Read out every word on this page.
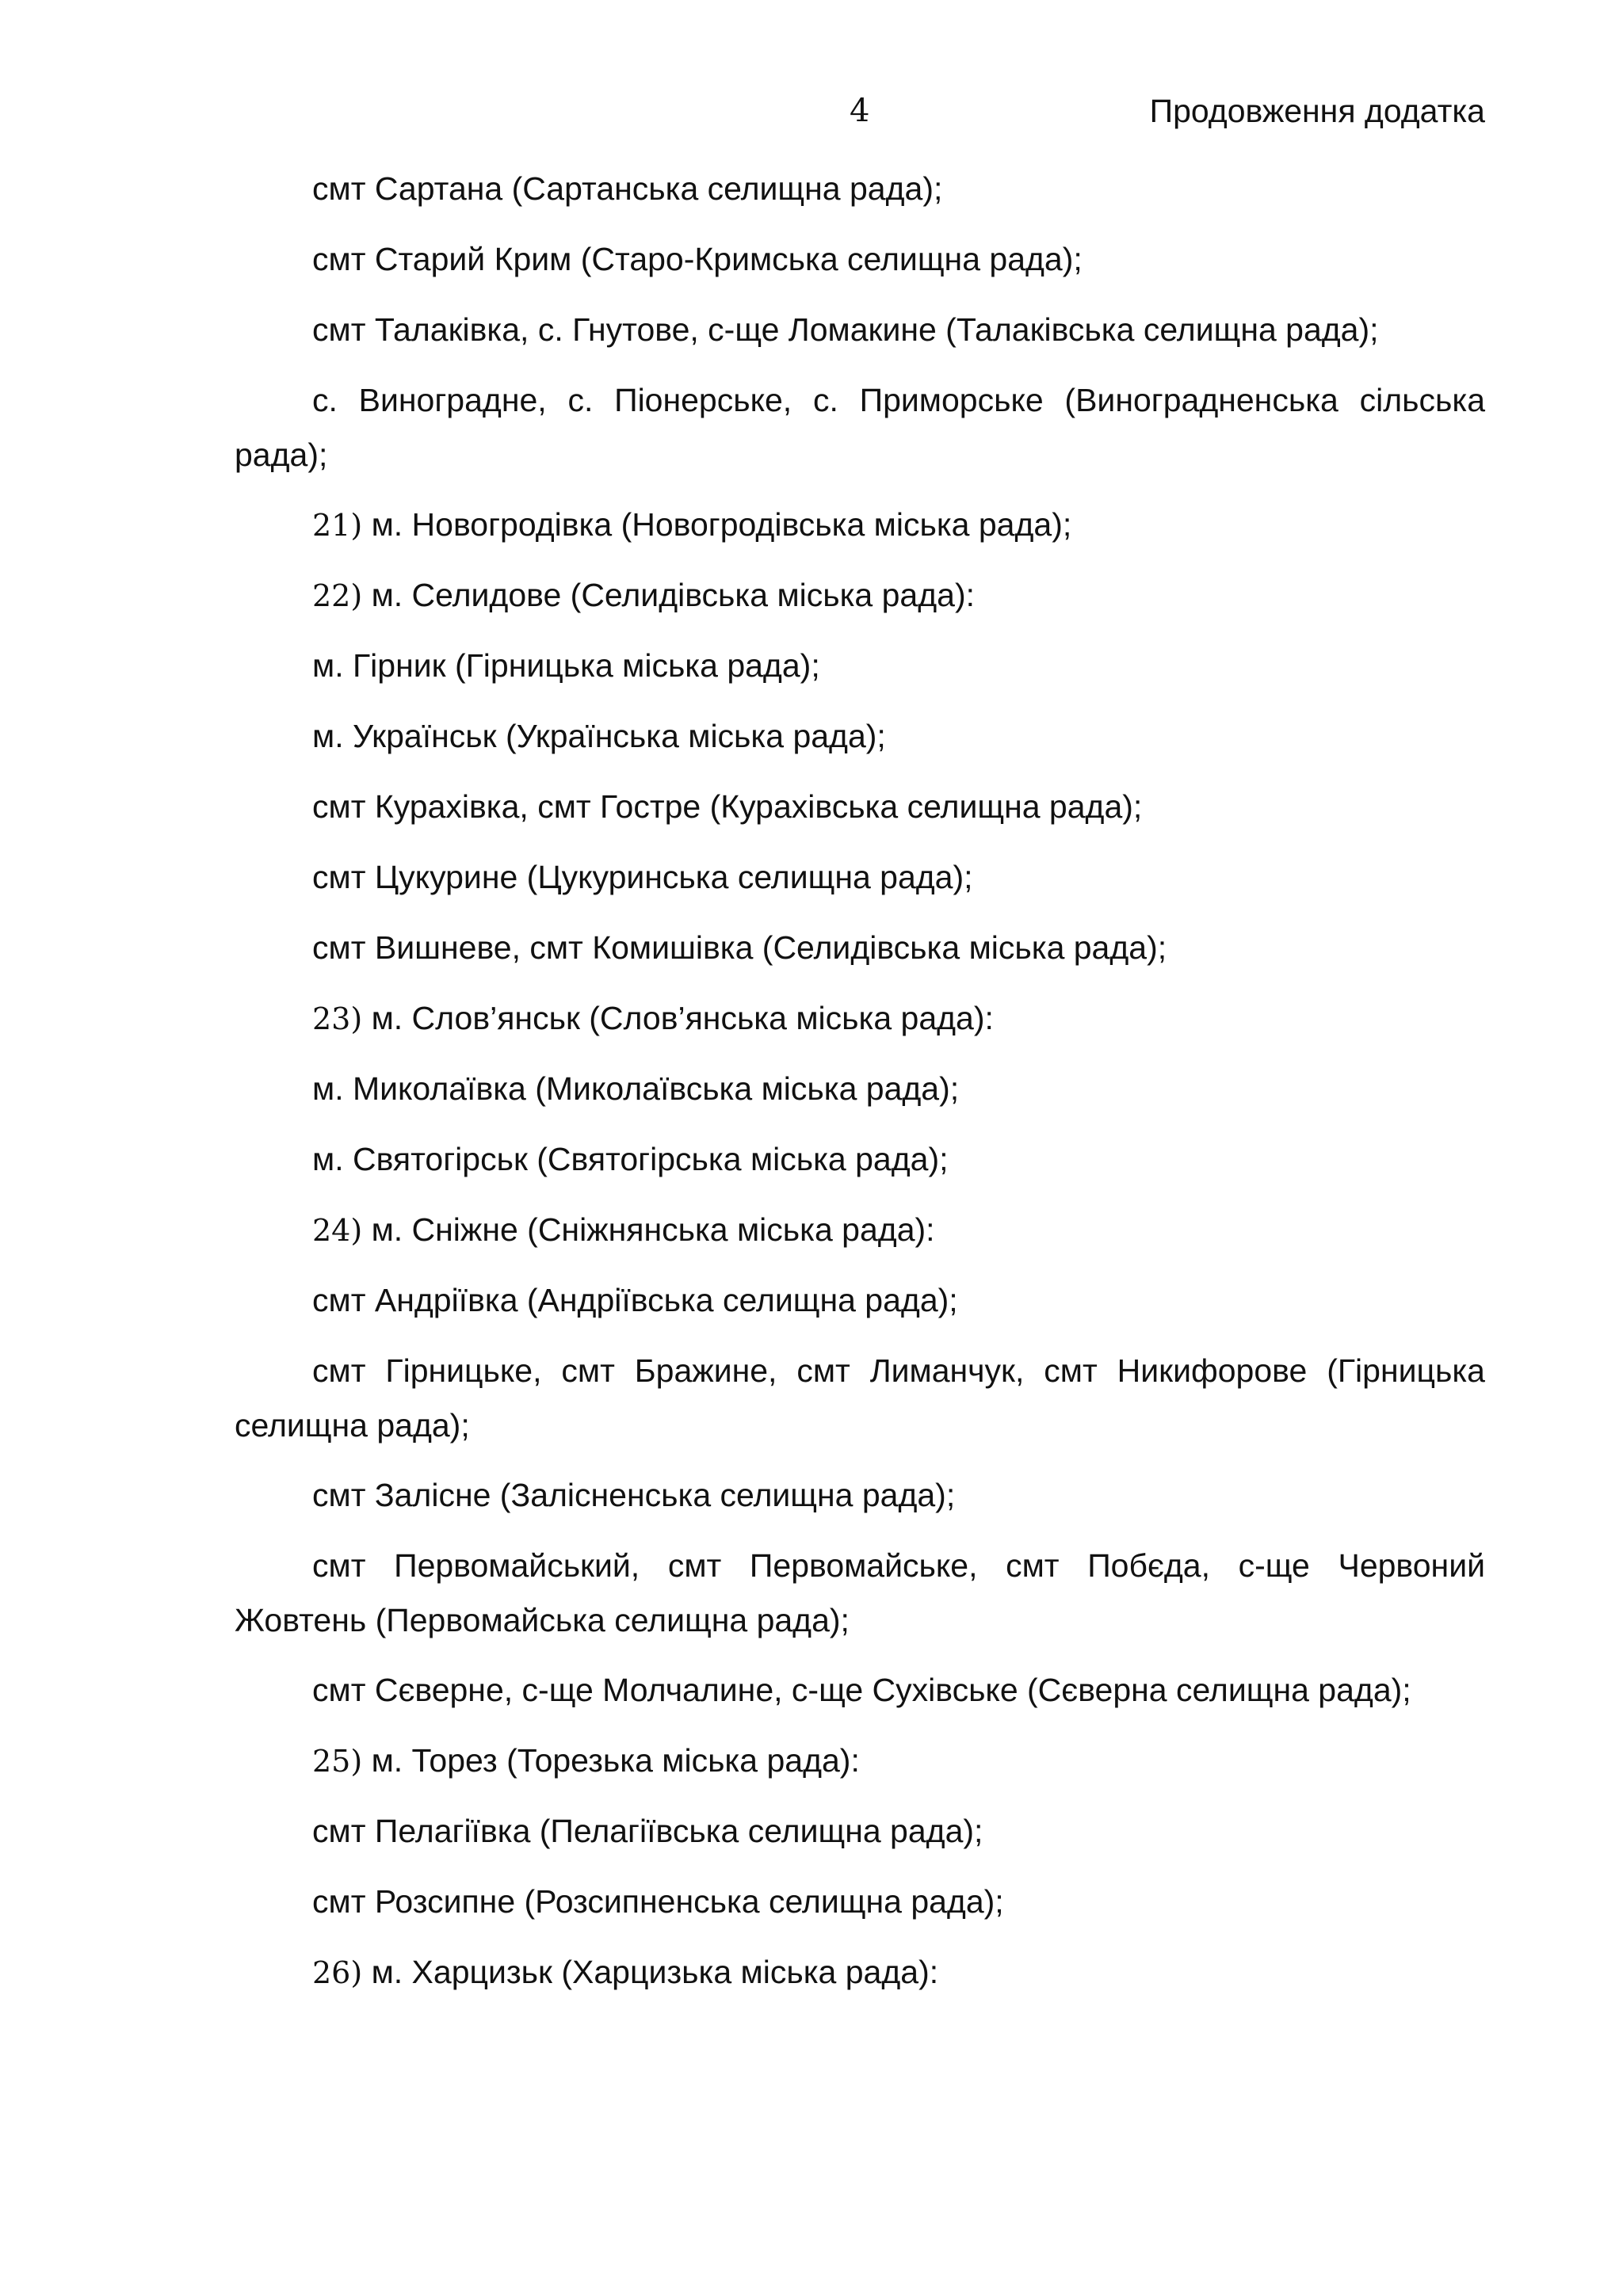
4	Продовження додатка

смт Сартана (Сартанська селищна рада);

смт Старий Крим (Старо-Кримська селищна рада);

смт Талаківка, с. Гнутове, с-ще Ломакине (Талаківська селищна рада);

с. Виноградне, с. Піонерське, с. Приморське (Виноградненська сільська рада);

21) м. Новогродівка (Новогродівська міська рада);

22) м. Селидове (Селидівська міська рада):

м. Гірник (Гірницька міська рада);

м. Українськ (Українська міська рада);

смт Курахівка, смт Гостре (Курахівська селищна рада);

смт Цукурине (Цукуринська селищна рада);

смт Вишневе, смт Комишівка (Селидівська міська рада);

23) м. Слов’янськ (Слов’янська міська рада):

м. Миколаївка (Миколаївська міська рада);

м. Святогірськ (Святогірська міська рада);

24) м. Сніжне (Сніжнянська міська рада):

смт Андріївка (Андріївська селищна рада);

смт Гірницьке, смт Бражине, смт Лиманчук, смт Никифорове (Гірницька селищна рада);

смт Залісне (Залісненська селищна рада);

смт Первомайський, смт Первомайське, смт Побєда, с-ще Червоний Жовтень (Первомайська селищна рада);

смт Сєверне, с-ще Молчалине, с-ще Сухівське (Сєверна селищна рада);

25) м. Торез (Торезька міська рада):

смт Пелагіївка (Пелагіївська селищна рада);

смт Розсипне (Розсипненська селищна рада);

26) м. Харцизьк (Харцизька міська рада):
